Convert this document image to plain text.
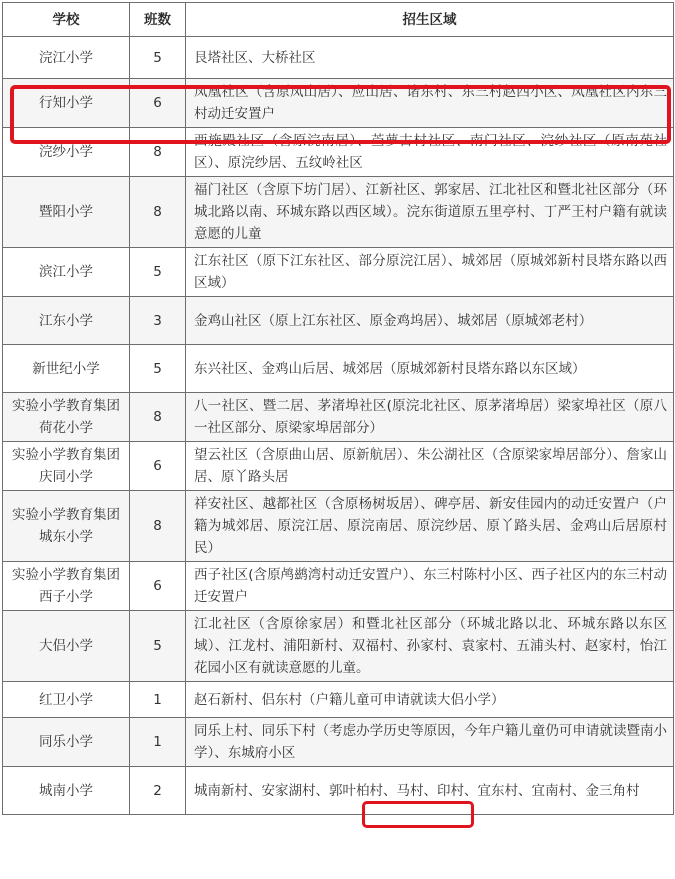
学校	班数	招生区域
浣江小学	5	艮塔社区、大桥社区
行知小学	6	凤凰社区（含原凤山居）、应山居、诸东村、东三村赵四小区、凤凰社区内东三村动迁安置户
浣纱小学	8	西施殿社区（含原浣南居）、苎萝古村社区、南门社区、浣纱社区（原南苑社区）、原浣纱居、五纹岭社区
暨阳小学	8	福门社区（含原下坊门居）、江新社区、郭家居、江北社区和暨北社区部分（环城北路以南、环城东路以西区域）。浣东街道原五里亭村、丁严王村户籍有就读意愿的儿童
滨江小学	5	江东社区（原下江东社区、部分原浣江居）、城郊居（原城郊新村艮塔东路以西区域）
江东小学	3	金鸡山社区（原上江东社区、原金鸡坞居）、城郊居（原城郊老村）
新世纪小学	5	东兴社区、金鸡山后居、城郊居（原城郊新村艮塔东路以东区域）
实验小学教育集团荷花小学	8	八一社区、暨二居、茅渚埠社区(原浣北社区、原茅渚埠居）梁家埠社区（原八一社区部分、原梁家埠居部分）
实验小学教育集团庆同小学	6	望云社区（含原曲山居、原新航居）、朱公湖社区（含原梁家埠居部分）、詹家山居、原丫路头居
实验小学教育集团城东小学	8	祥安社区、越都社区（含原杨树坂居）、碑亭居、新安佳园内的动迁安置户（户籍为城郊居、原浣江居、原浣南居、原浣纱居、原丫路头居、金鸡山后居原村民）
实验小学教育集团西子小学	6	西子社区(含原鸬鹚湾村动迁安置户）、东三村陈村小区、西子社区内的东三村动迁安置户
大侣小学	5	江北社区（含原徐家居）和暨北社区部分（环城北路以北、环城东路以东区域）、江龙村、浦阳新村、双福村、孙家村、袁家村、五浦头村、赵家村，怡江花园小区有就读意愿的儿童。
红卫小学	1	赵石新村、侣东村（户籍儿童可申请就读大侣小学）
同乐小学	1	同乐上村、同乐下村（考虑办学历史等原因，今年户籍儿童仍可申请就读暨南小学）、东城府小区
城南小学	2	城南新村、安家湖村、郭叶柏村、马村、印村、宜东村、宜南村、金三角村
